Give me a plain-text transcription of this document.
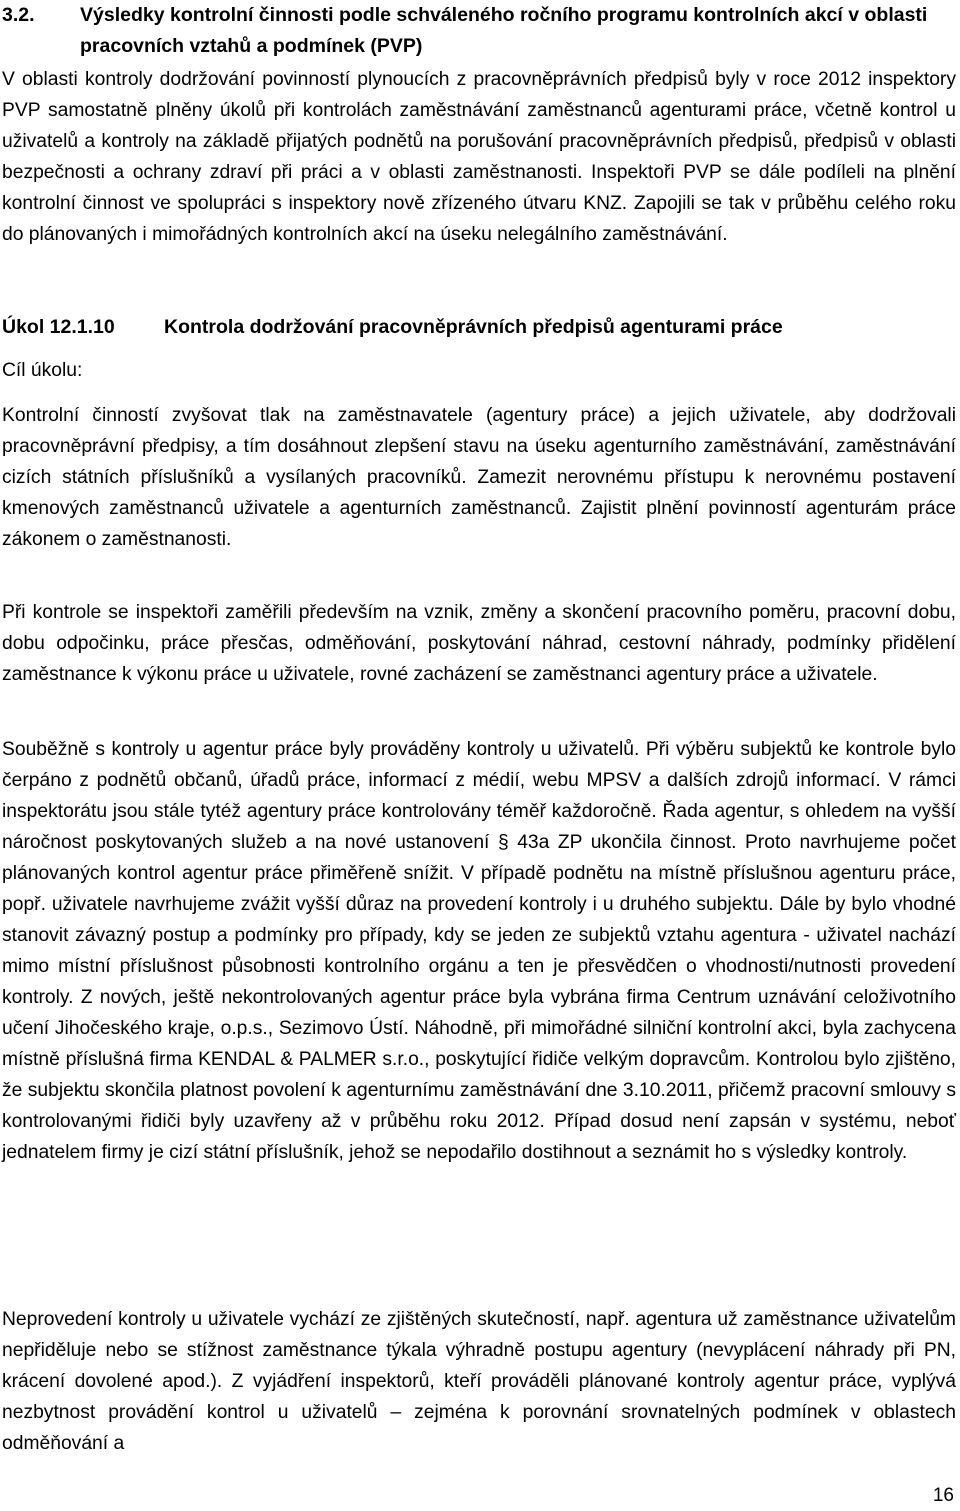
3.2. Výsledky kontrolní činnosti podle schváleného ročního programu kontrolních akcí v oblasti pracovních vztahů a podmínek (PVP)
V oblasti kontroly dodržování povinností plynoucích z pracovněprávních předpisů byly v roce 2012 inspektory PVP samostatně plněny úkolů při kontrolách zaměstnávání zaměstnanců agenturami práce, včetně kontrol u uživatelů a kontroly na základě přijatých podnětů na porušování pracovněprávních předpisů, předpisů v oblasti bezpečnosti a ochrany zdraví při práci a v oblasti zaměstnanosti. Inspektoři PVP se dále podíleli na plnění kontrolní činnost ve spolupráci s inspektory nově zřízeného útvaru KNZ. Zapojili se tak v průběhu celého roku do plánovaných i mimořádných kontrolních akcí na úseku nelegálního zaměstnávání.
Úkol 12.1.10	Kontrola dodržování pracovněprávních předpisů agenturami práce
Cíl úkolu:
Kontrolní činností zvyšovat tlak na zaměstnavatele (agentury práce) a jejich uživatele, aby dodržovali pracovněprávní předpisy, a tím dosáhnout zlepšení stavu na úseku agenturního zaměstnávání, zaměstnávání cizích státních příslušníků a vysílaných pracovníků. Zamezit nerovnému přístupu k nerovnému postavení kmenových zaměstnanců uživatele a agenturních zaměstnanců. Zajistit plnění povinností agenturám práce zákonem o zaměstnanosti.
Při kontrole se inspektoři zaměřili především na vznik, změny a skončení pracovního poměru, pracovní dobu, dobu odpočinku, práce přesčas, odměňování, poskytování náhrad, cestovní náhrady, podmínky přidělení zaměstnance k výkonu práce u uživatele, rovné zacházení se zaměstnanci agentury práce a uživatele.
Souběžně s kontroly u agentur práce byly prováděny kontroly u uživatelů. Při výběru subjektů ke kontrole bylo čerpáno z podnětů občanů, úřadů práce, informací z médií, webu MPSV a dalších zdrojů informací. V rámci inspektorátu jsou stále tytéž agentury práce kontrolovány téměř každoročně. Řada agentur, s ohledem na vyšší náročnost poskytovaných služeb a na nové ustanovení § 43a ZP ukončila činnost. Proto navrhujeme počet plánovaných kontrol agentur práce přiměřeně snížit. V případě podnětu na místně příslušnou agenturu práce, popř. uživatele navrhujeme zvážit vyšší důraz na provedení kontroly i u druhého subjektu. Dále by bylo vhodné stanovit závazný postup a podmínky pro případy, kdy se jeden ze subjektů vztahu agentura - uživatel nachází mimo místní příslušnost působnosti kontrolního orgánu a ten je přesvědčen o vhodnosti/nutnosti provedení kontroly. Z nových, ještě nekontrolovaných agentur práce byla vybrána firma Centrum uznávání celoživotního učení Jihočeského kraje, o.p.s., Sezimovo Ústí. Náhodně, při mimořádné silniční kontrolní akci, byla zachycena místně příslušná firma KENDAL & PALMER s.r.o., poskytující řidiče velkým dopravcům. Kontrolou bylo zjištěno, že subjektu skončila platnost povolení k agenturnímu zaměstnávání dne 3.10.2011, přičemž pracovní smlouvy s kontrolovanými řidiči byly uzavřeny až v průběhu roku 2012. Případ dosud není zapsán v systému, neboť jednatelem firmy je cizí státní příslušník, jehož se nepodařilo dostihnout a seznámit ho s výsledky kontroly.
Neprovedení kontroly u uživatele vychází ze zjištěných skutečností, např. agentura už zaměstnance uživatelům nepřiděluje nebo se stížnost zaměstnance týkala výhradně postupu agentury (nevyplácení náhrady při PN, krácení dovolené apod.). Z vyjádření inspektorů, kteří prováděli plánované kontroly agentur práce, vyplývá nezbytnost provádění kontrol u uživatelů – zejména k porovnání srovnatelných podmínek v oblastech odměňování a
16
